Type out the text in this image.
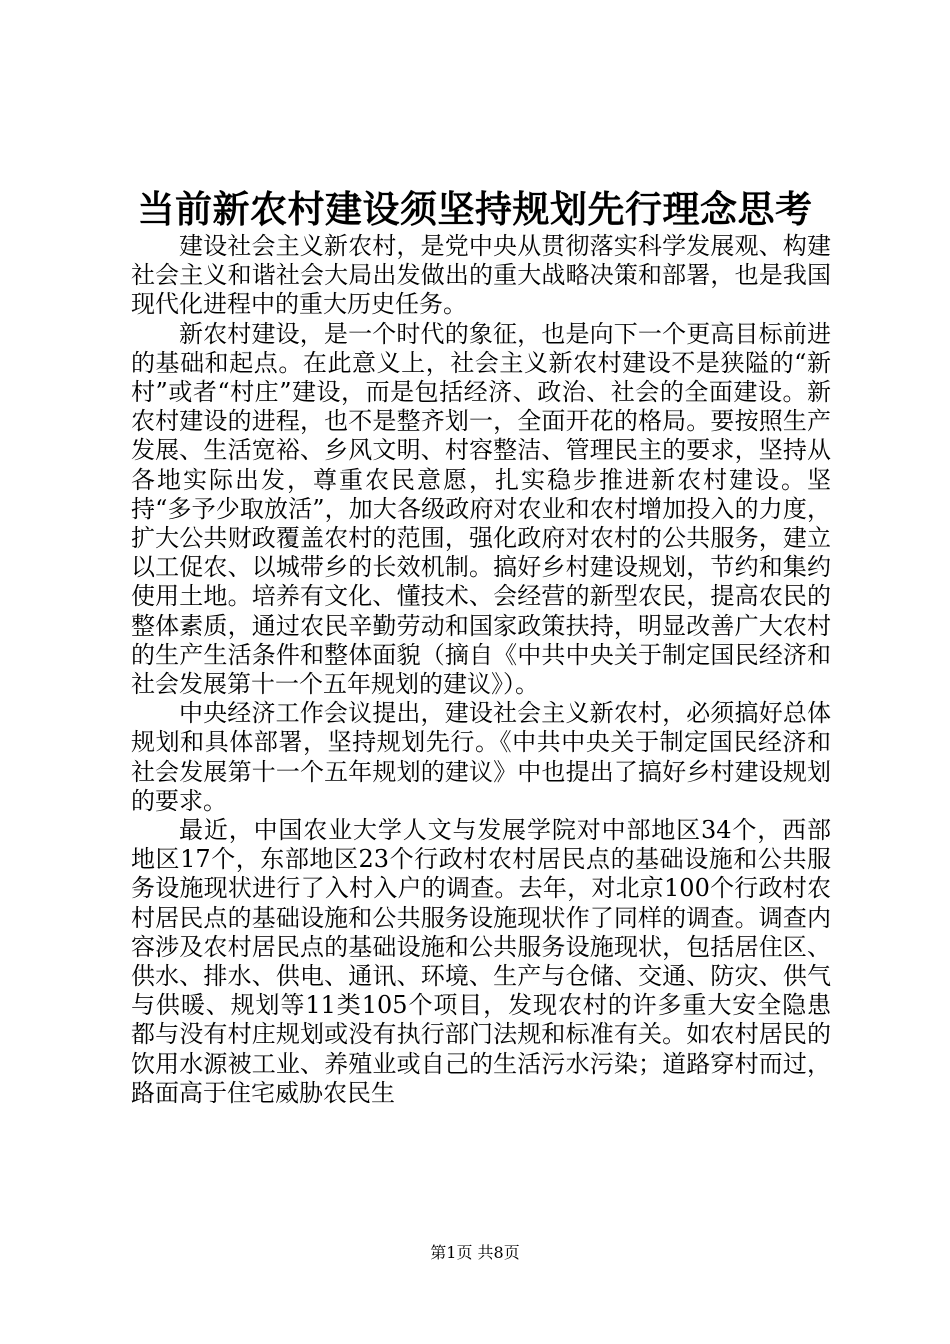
当前新农村建设须坚持规划先行理念思考

建设社会主义新农村，是党中央从贯彻落实科学发展观、构建社会主义和谐社会大局出发做出的重大战略决策和部署，也是我国现代化进程中的重大历史任务。

新农村建设，是一个时代的象征，也是向下一个更高目标前进的基础和起点。在此意义上，社会主义新农村建设不是狭隘的“新村”或者“村庄”建设，而是包括经济、政治、社会的全面建设。新农村建设的进程，也不是整齐划一，全面开花的格局。要按照生产发展、生活宽裕、乡风文明、村容整洁、管理民主的要求，坚持从各地实际出发，尊重农民意愿，扎实稳步推进新农村建设。坚持“多予少取放活”，加大各级政府对农业和农村增加投入的力度，扩大公共财政覆盖农村的范围，强化政府对农村的公共服务，建立以工促农、以城带乡的长效机制。搞好乡村建设规划，节约和集约使用土地。培养有文化、懂技术、会经营的新型农民，提高农民的整体素质，通过农民辛勤劳动和国家政策扶持，明显改善广大农村的生产生活条件和整体面貌（摘自《中共中央关于制定国民经济和社会发展第十一个五年规划的建议》）。

中央经济工作会议提出，建设社会主义新农村，必须搞好总体规划和具体部署，坚持规划先行。《中共中央关于制定国民经济和社会发展第十一个五年规划的建议》中也提出了搞好乡村建设规划的要求。

最近，中国农业大学人文与发展学院对中部地区34个，西部地区17个，东部地区23个行政村农村居民点的基础设施和公共服务设施现状进行了入村入户的调查。去年，对北京100个行政村农村居民点的基础设施和公共服务设施现状作了同样的调查。调查内容涉及农村居民点的基础设施和公共服务设施现状，包括居住区、供水、排水、供电、通讯、环境、生产与仓储、交通、防灾、供气与供暖、规划等11类105个项目，发现农村的许多重大安全隐患都与没有村庄规划或没有执行部门法规和标准有关。如农村居民的饮用水源被工业、养殖业或自己的生活污水污染；道路穿村而过，路面高于住宅威胁农民生

第1页 共8页
